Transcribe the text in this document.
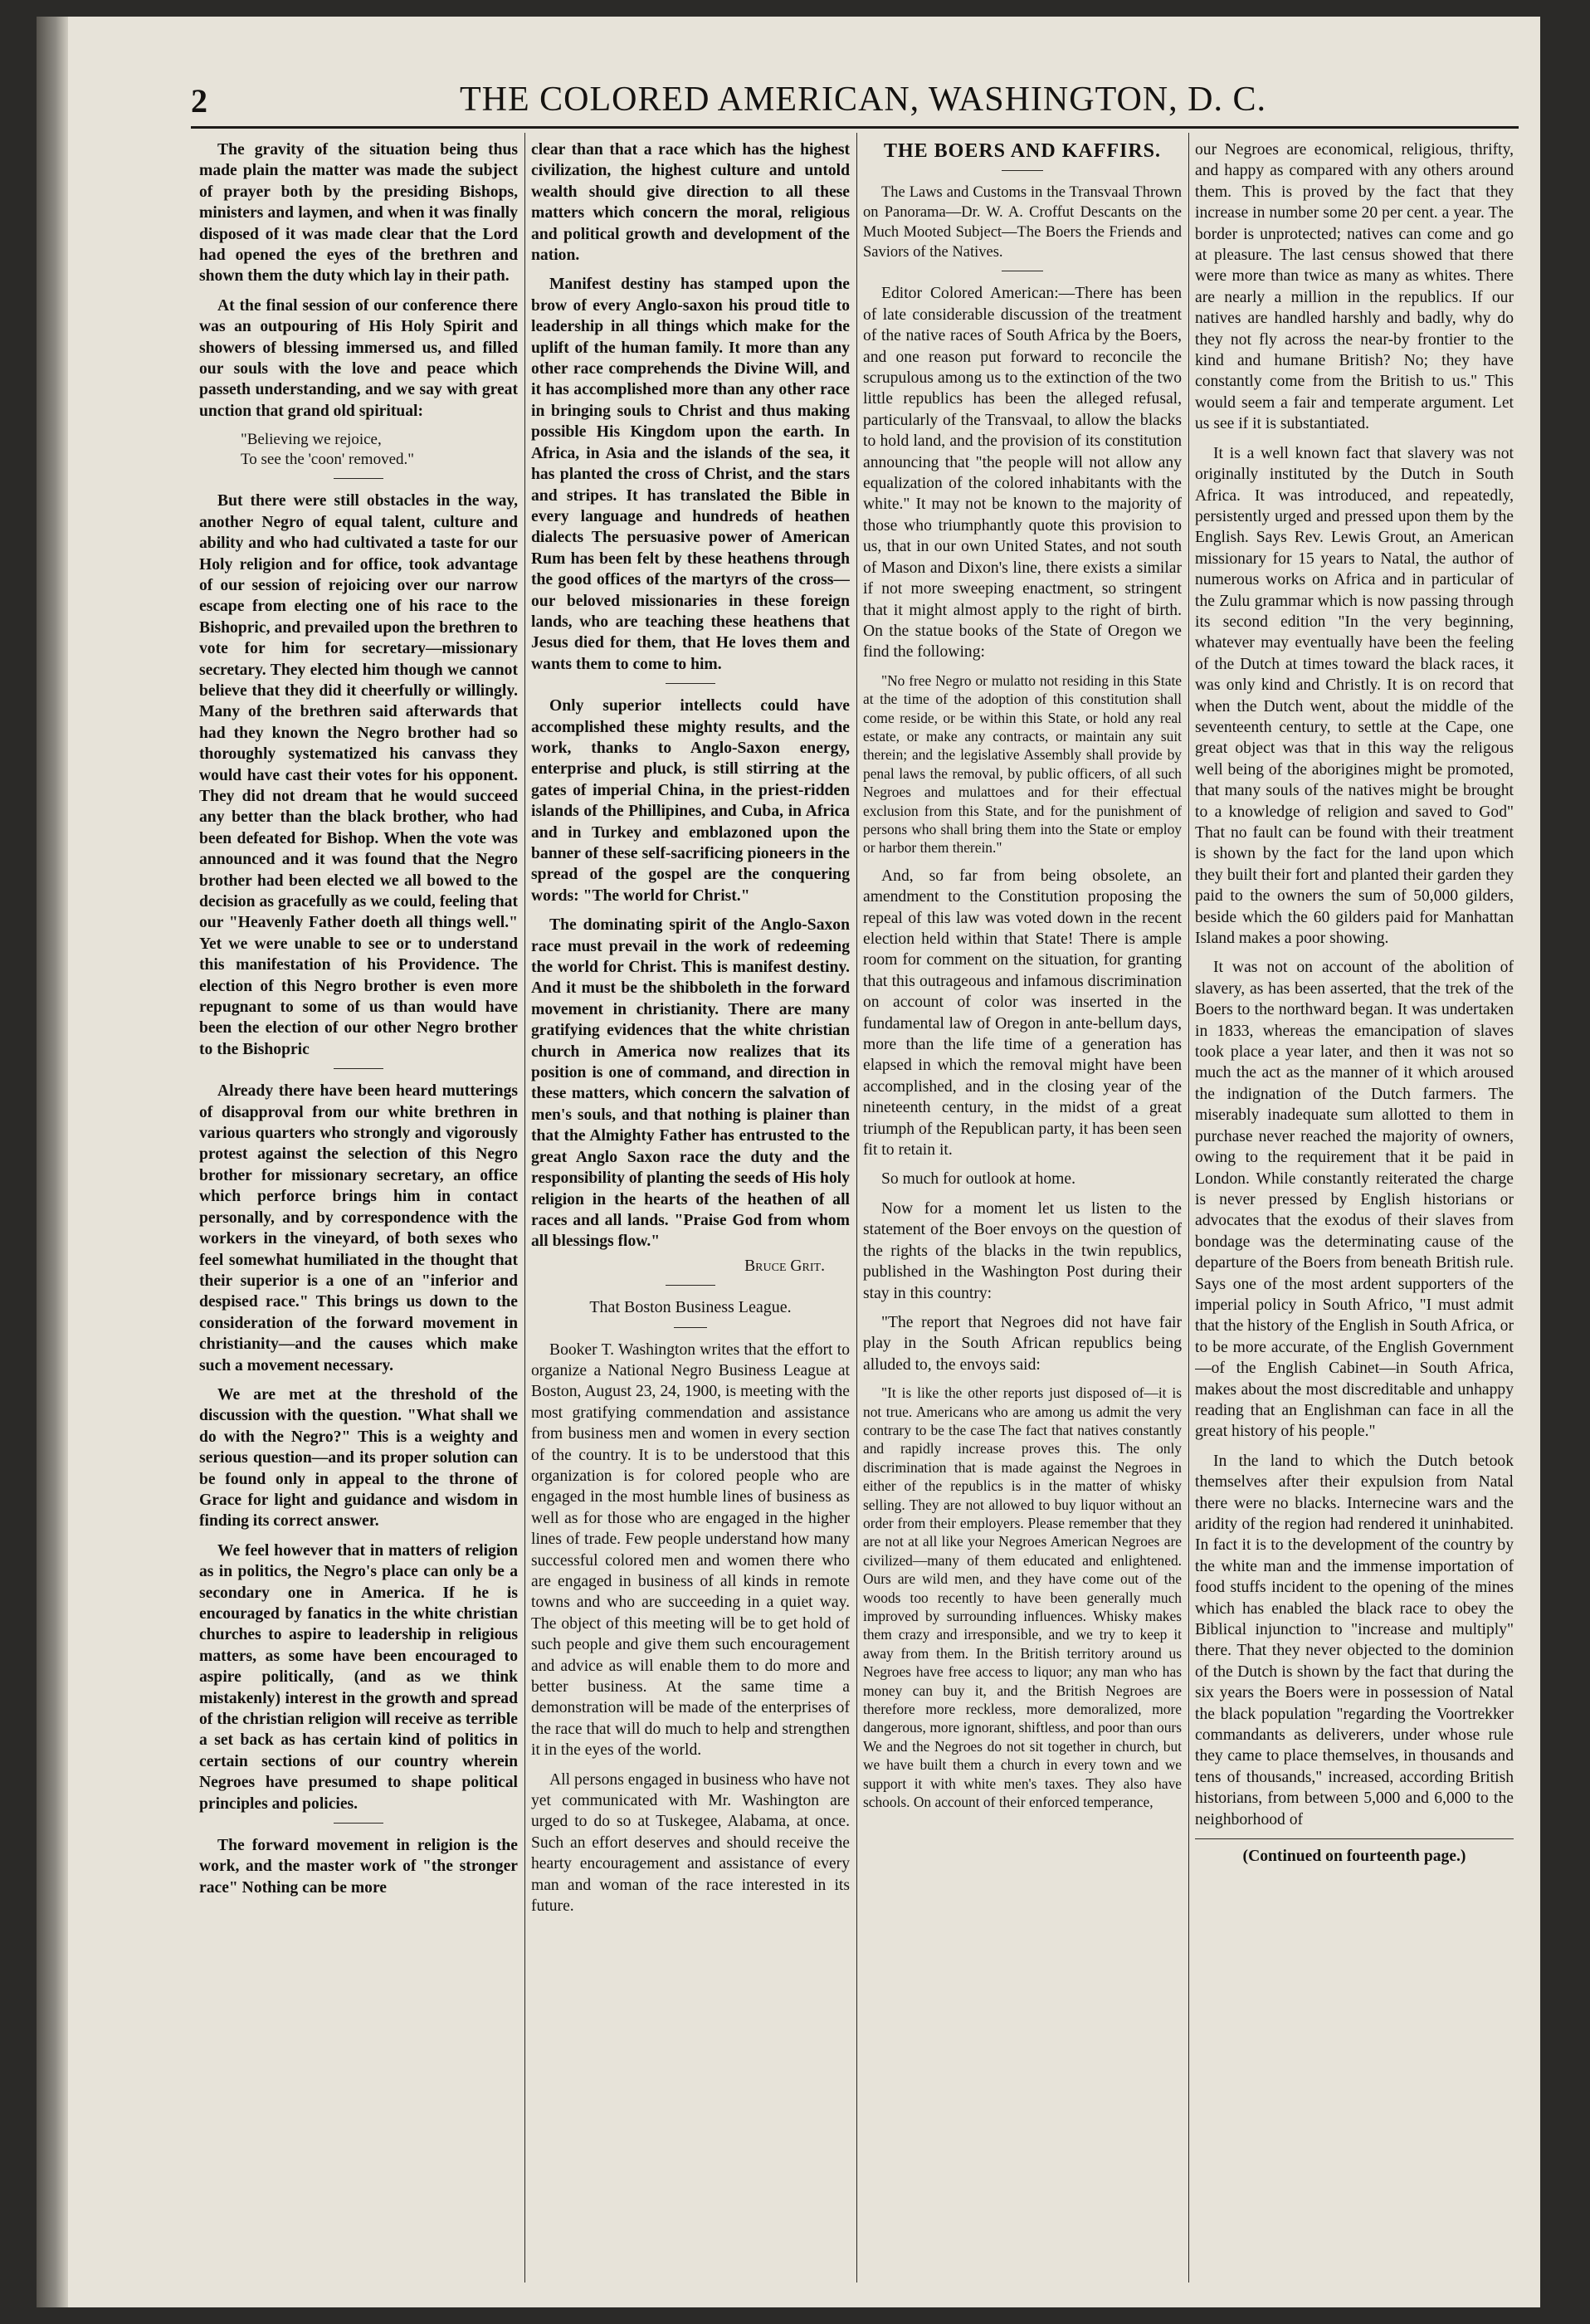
2	THE COLORED AMERICAN, WASHINGTON, D. C.

The gravity of the situation being thus made plain the matter was made the subject of prayer both by the presiding Bishops, ministers and laymen, and when it was finally disposed of it was made clear that the Lord had opened the eyes of the brethren and shown them the duty which lay in their path.

At the final session of our conference there was an outpouring of His Holy Spirit and showers of blessing immersed us, and filled our souls with the love and peace which passeth understanding, and we say with great unction that grand old spiritual:

"Believing we rejoice,
To see the 'coon' removed."

But there were still obstacles in the way, another Negro of equal talent, culture and ability and who had cultivated a taste for our Holy religion and for office, took advantage of our session of rejoicing over our narrow escape from electing one of his race to the Bishopric, and prevailed upon the brethren to vote for him for secretary—missionary secretary. They elected him though we cannot believe that they did it cheerfully or willingly. Many of the brethren said afterwards that had they known the Negro brother had so thoroughly systematized his canvass they would have cast their votes for his opponent. They did not dream that he would succeed any better than the black brother, who had been defeated for Bishop. When the vote was announced and it was found that the Negro brother had been elected we all bowed to the decision as gracefully as we could, feeling that our "Heavenly Father doeth all things well." Yet we were unable to see or to understand this manifestation of his Providence. The election of this Negro brother is even more repugnant to some of us than would have been the election of our other Negro brother to the Bishopric

Already there have been heard mutterings of disapproval from our white brethren in various quarters who strongly and vigorously protest against the selection of this Negro brother for missionary secretary, an office which perforce brings him in contact personally, and by correspondence with the workers in the vineyard, of both sexes who feel somewhat humiliated in the thought that their superior is a one of an "inferior and despised race." This brings us down to the consideration of the forward movement in christianity—and the causes which make such a movement necessary.

We are met at the threshold of the discussion with the question. "What shall we do with the Negro?" This is a weighty and serious question—and its proper solution can be found only in appeal to the throne of Grace for light and guidance and wisdom in finding its correct answer.

We feel however that in matters of religion as in politics, the Negro's place can only be a secondary one in America. If he is encouraged by fanatics in the white christian churches to aspire to leadership in religious matters, as some have been encouraged to aspire politically, (and as we think mistakenly) interest in the growth and spread of the christian religion will receive as terrible a set back as has certain kind of politics in certain sections of our country wherein Negroes have presumed to shape political principles and policies.

The forward movement in religion is the work, and the master work of "the stronger race" Nothing can be more

clear than that a race which has the highest civilization, the highest culture and untold wealth should give direction to all these matters which concern the moral, religious and political growth and development of the nation.

Manifest destiny has stamped upon the brow of every Anglo-saxon his proud title to leadership in all things which make for the uplift of the human family. It more than any other race comprehends the Divine Will, and it has accomplished more than any other race in bringing souls to Christ and thus making possible His Kingdom upon the earth. In Africa, in Asia and the islands of the sea, it has planted the cross of Christ, and the stars and stripes. It has translated the Bible in every language and hundreds of heathen dialects The persuasive power of American Rum has been felt by these heathens through the good offices of the martyrs of the cross—our beloved missionaries in these foreign lands, who are teaching these heathens that Jesus died for them, that He loves them and wants them to come to him.

Only superior intellects could have accomplished these mighty results, and the work, thanks to Anglo-Saxon energy, enterprise and pluck, is still stirring at the gates of imperial China, in the priest-ridden islands of the Phillipines, and Cuba, in Africa and in Turkey and emblazoned upon the banner of these self-sacrificing pioneers in the spread of the gospel are the conquering words: "The world for Christ."

The dominating spirit of the Anglo-Saxon race must prevail in the work of redeeming the world for Christ. This is manifest destiny. And it must be the shibboleth in the forward movement in christianity. There are many gratifying evidences that the white christian church in America now realizes that its position is one of command, and direction in these matters, which concern the salvation of men's souls, and that nothing is plainer than that the Almighty Father has entrusted to the great Anglo Saxon race the duty and the responsibility of planting the seeds of His holy religion in the hearts of the heathen of all races and all lands. "Praise God from whom all blessings flow."

Bruce Grit.
That Boston Business League.

Booker T. Washington writes that the effort to organize a National Negro Business League at Boston, August 23, 24, 1900, is meeting with the most gratifying commendation and assistance from business men and women in every section of the country. It is to be understood that this organization is for colored people who are engaged in the most humble lines of business as well as for those who are engaged in the higher lines of trade. Few people understand how many successful colored men and women there who are engaged in business of all kinds in remote towns and who are succeeding in a quiet way. The object of this meeting will be to get hold of such people and give them such encouragement and advice as will enable them to do more and better business. At the same time a demonstration will be made of the enterprises of the race that will do much to help and strengthen it in the eyes of the world.

All persons engaged in business who have not yet communicated with Mr. Washington are urged to do so at Tuskegee, Alabama, at once. Such an effort deserves and should receive the hearty encouragement and assistance of every man and woman of the race interested in its future.

THE BOERS AND KAFFIRS.

The Laws and Customs in the Transvaal Thrown on Panorama—Dr. W. A. Croffut Descants on the Much Mooted Subject—The Boers the Friends and Saviors of the Natives.

Editor Colored American:—There has been of late considerable discussion of the treatment of the native races of South Africa by the Boers, and one reason put forward to reconcile the scrupulous among us to the extinction of the two little republics has been the alleged refusal, particularly of the Transvaal, to allow the blacks to hold land, and the provision of its constitution announcing that "the people will not allow any equalization of the colored inhabitants with the white." It may not be known to the majority of those who triumphantly quote this provision to us, that in our own United States, and not south of Mason and Dixon's line, there exists a similar if not more sweeping enactment, so stringent that it might almost apply to the right of birth. On the statue books of the State of Oregon we find the following:

"No free Negro or mulatto not residing in this State at the time of the adoption of this constitution shall come reside, or be within this State, or hold any real estate, or make any contracts, or maintain any suit therein; and the legislative Assembly shall provide by penal laws the removal, by public officers, of all such Negroes and mulattoes and for their effectual exclusion from this State, and for the punishment of persons who shall bring them into the State or employ or harbor them therein."

And, so far from being obsolete, an amendment to the Constitution proposing the repeal of this law was voted down in the recent election held within that State! There is ample room for comment on the situation, for granting that this outrageous and infamous discrimination on account of color was inserted in the fundamental law of Oregon in ante-bellum days, more than the life time of a generation has elapsed in which the removal might have been accomplished, and in the closing year of the nineteenth century, in the midst of a great triumph of the Republican party, it has been seen fit to retain it.

So much for outlook at home.

Now for a moment let us listen to the statement of the Boer envoys on the question of the rights of the blacks in the twin republics, published in the Washington Post during their stay in this country:

"The report that Negroes did not have fair play in the South African republics being alluded to, the envoys said:

"It is like the other reports just disposed of—it is not true. Americans who are among us admit the very contrary to be the case The fact that natives constantly and rapidly increase proves this. The only discrimination that is made against the Negroes in either of the republics is in the matter of whisky selling. They are not allowed to buy liquor without an order from their employers. Please remember that they are not at all like your Negroes American Negroes are civilized—many of them educated and enlightened. Ours are wild men, and they have come out of the woods too recently to have been generally much improved by surrounding influences. Whisky makes them crazy and irresponsible, and we try to keep it away from them. In the British territory around us Negroes have free access to liquor; any man who has money can buy it, and the British Negroes are therefore more reckless, more demoralized, more dangerous, more ignorant, shiftless, and poor than ours We and the Negroes do not sit together in church, but we have built them a church in every town and we support it with white men's taxes. They also have schools. On account of their enforced temperance,

our Negroes are economical, religious, thrifty, and happy as compared with any others around them. This is proved by the fact that they increase in number some 20 per cent. a year. The border is unprotected; natives can come and go at pleasure. The last census showed that there were more than twice as many as whites. There are nearly a million in the republics. If our natives are handled harshly and badly, why do they not fly across the near-by frontier to the kind and humane British? No; they have constantly come from the British to us." This would seem a fair and temperate argument. Let us see if it is substantiated.

It is a well known fact that slavery was not originally instituted by the Dutch in South Africa. It was introduced, and repeatedly, persistently urged and pressed upon them by the English. Says Rev. Lewis Grout, an American missionary for 15 years to Natal, the author of numerous works on Africa and in particular of the Zulu grammar which is now passing through its second edition "In the very beginning, whatever may eventually have been the feeling of the Dutch at times toward the black races, it was only kind and Christly. It is on record that when the Dutch went, about the middle of the seventeenth century, to settle at the Cape, one great object was that in this way the religous well being of the aborigines might be promoted, that many souls of the natives might be brought to a knowledge of religion and saved to God" That no fault can be found with their treatment is shown by the fact for the land upon which they built their fort and planted their garden they paid to the owners the sum of 50,000 gilders, beside which the 60 gilders paid for Manhattan Island makes a poor showing.

It was not on account of the abolition of slavery, as has been asserted, that the trek of the Boers to the northward began. It was undertaken in 1833, whereas the emancipation of slaves took place a year later, and then it was not so much the act as the manner of it which aroused the indignation of the Dutch farmers. The miserably inadequate sum allotted to them in purchase never reached the majority of owners, owing to the requirement that it be paid in London. While constantly reiterated the charge is never pressed by English historians or advocates that the exodus of their slaves from bondage was the determinating cause of the departure of the Boers from beneath British rule. Says one of the most ardent supporters of the imperial policy in South Africo, "I must admit that the history of the English in South Africa, or to be more accurate, of the English Government—of the English Cabinet—in South Africa, makes about the most discreditable and unhappy reading that an Englishman can face in all the great history of his people."

In the land to which the Dutch betook themselves after their expulsion from Natal there were no blacks. Internecine wars and the aridity of the region had rendered it uninhabited. In fact it is to the development of the country by the white man and the immense importation of food stuffs incident to the opening of the mines which has enabled the black race to obey the Biblical injunction to "increase and multiply" there. That they never objected to the dominion of the Dutch is shown by the fact that during the six years the Boers were in possession of Natal the black population "regarding the Voortrekker commandants as deliverers, under whose rule they came to place themselves, in thousands and tens of thousands," increased, according British historians, from between 5,000 and 6,000 to the neighborhood of

(Continued on fourteenth page.)
